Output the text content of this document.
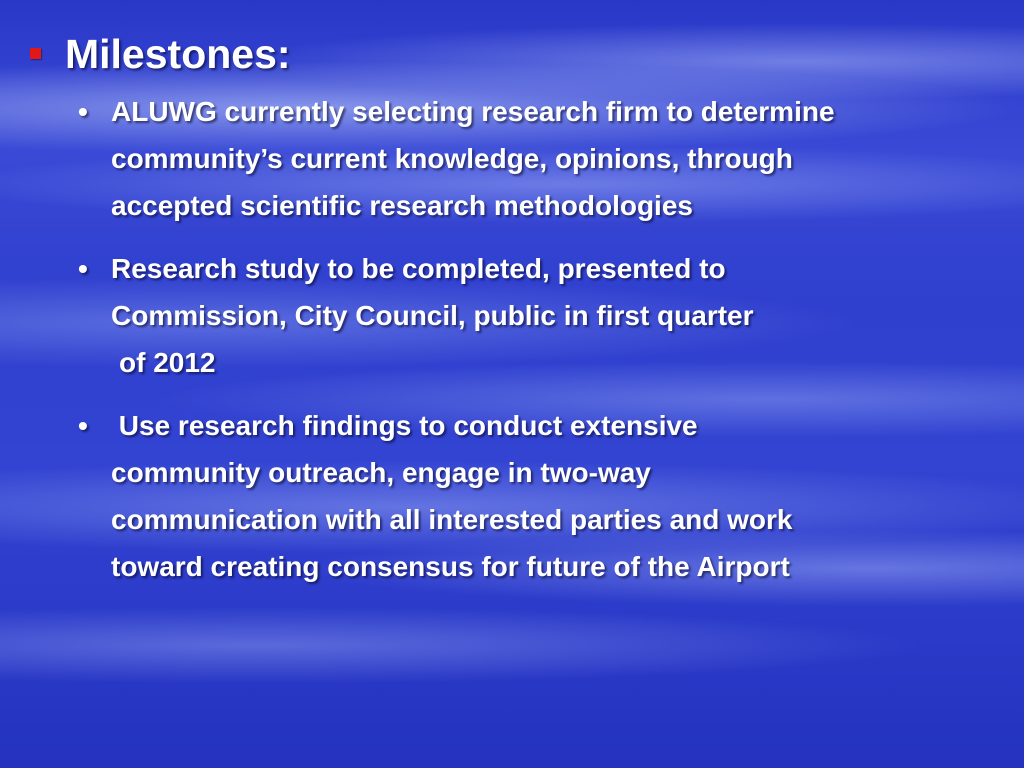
Milestones:
• ALUWG currently selecting research firm to determine
community’s current knowledge, opinions, through
accepted scientific research methodologies
• Research study to be completed, presented to
Commission, City Council, public in first quarter
of 2012
• Use research findings to conduct extensive
community outreach, engage in two-way
communication with all interested parties and work
toward creating consensus for future of the Airport
